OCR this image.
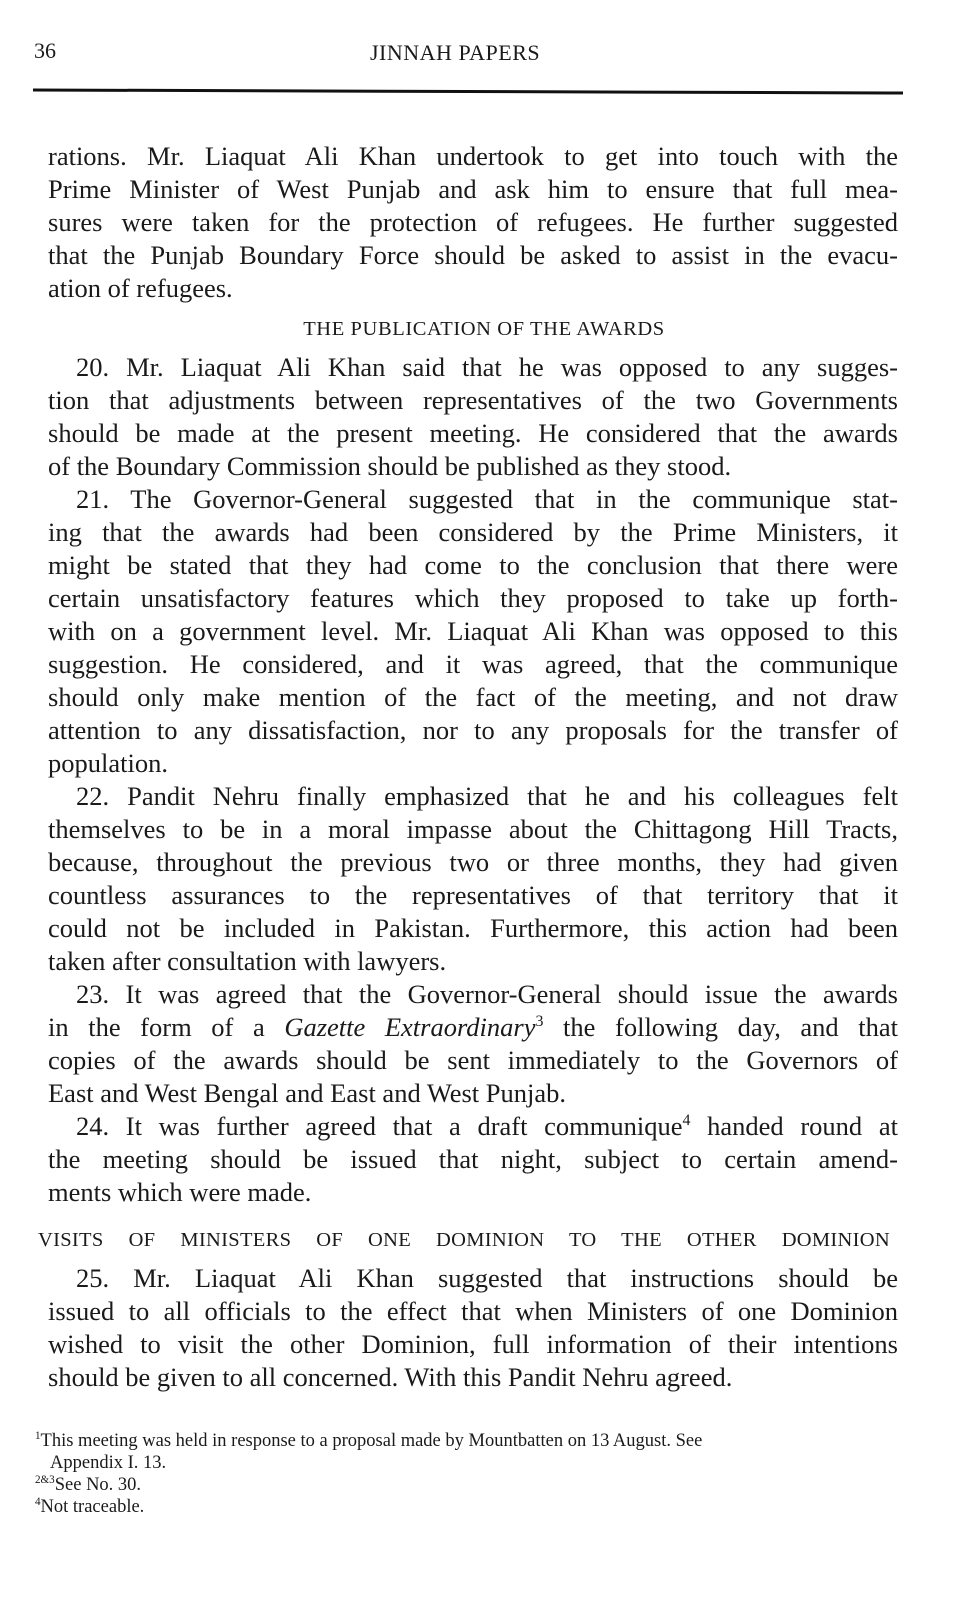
36	JINNAH PAPERS
rations. Mr. Liaquat Ali Khan undertook to get into touch with the
Prime Minister of West Punjab and ask him to ensure that full mea-
sures were taken for the protection of refugees. He further suggested
that the Punjab Boundary Force should be asked to assist in the evacu-
ation of refugees.
THE PUBLICATION OF THE AWARDS
20. Mr. Liaquat Ali Khan said that he was opposed to any sugges-
tion that adjustments between representatives of the two Governments
should be made at the present meeting. He considered that the awards
of the Boundary Commission should be published as they stood.
21. The Governor-General suggested that in the communique stat-
ing that the awards had been considered by the Prime Ministers, it
might be stated that they had come to the conclusion that there were
certain unsatisfactory features which they proposed to take up forth-
with on a government level. Mr. Liaquat Ali Khan was opposed to this
suggestion. He considered, and it was agreed, that the communique
should only make mention of the fact of the meeting, and not draw
attention to any dissatisfaction, nor to any proposals for the transfer of
population.
22. Pandit Nehru finally emphasized that he and his colleagues felt
themselves to be in a moral impasse about the Chittagong Hill Tracts,
because, throughout the previous two or three months, they had given
countless assurances to the representatives of that territory that it
could not be included in Pakistan. Furthermore, this action had been
taken after consultation with lawyers.
23. It was agreed that the Governor-General should issue the awards
in the form of a Gazette Extraordinary$^3$ the following day, and that
copies of the awards should be sent immediately to the Governors of
East and West Bengal and East and West Punjab.
24. It was further agreed that a draft communique$^4$ handed round at
the meeting should be issued that night, subject to certain amend-
ments which were made.
VISITS OF MINISTERS OF ONE DOMINION TO THE OTHER DOMINION
25. Mr. Liaquat Ali Khan suggested that instructions should be
issued to all officials to the effect that when Ministers of one Dominion
wished to visit the other Dominion, full information of their intentions
should be given to all concerned. With this Pandit Nehru agreed.
$^1$This meeting was held in response to a proposal made by Mountbatten on 13 August. See
Appendix I. 13.
$^{2\&3}$See No. 30.
$^4$Not traceable.
